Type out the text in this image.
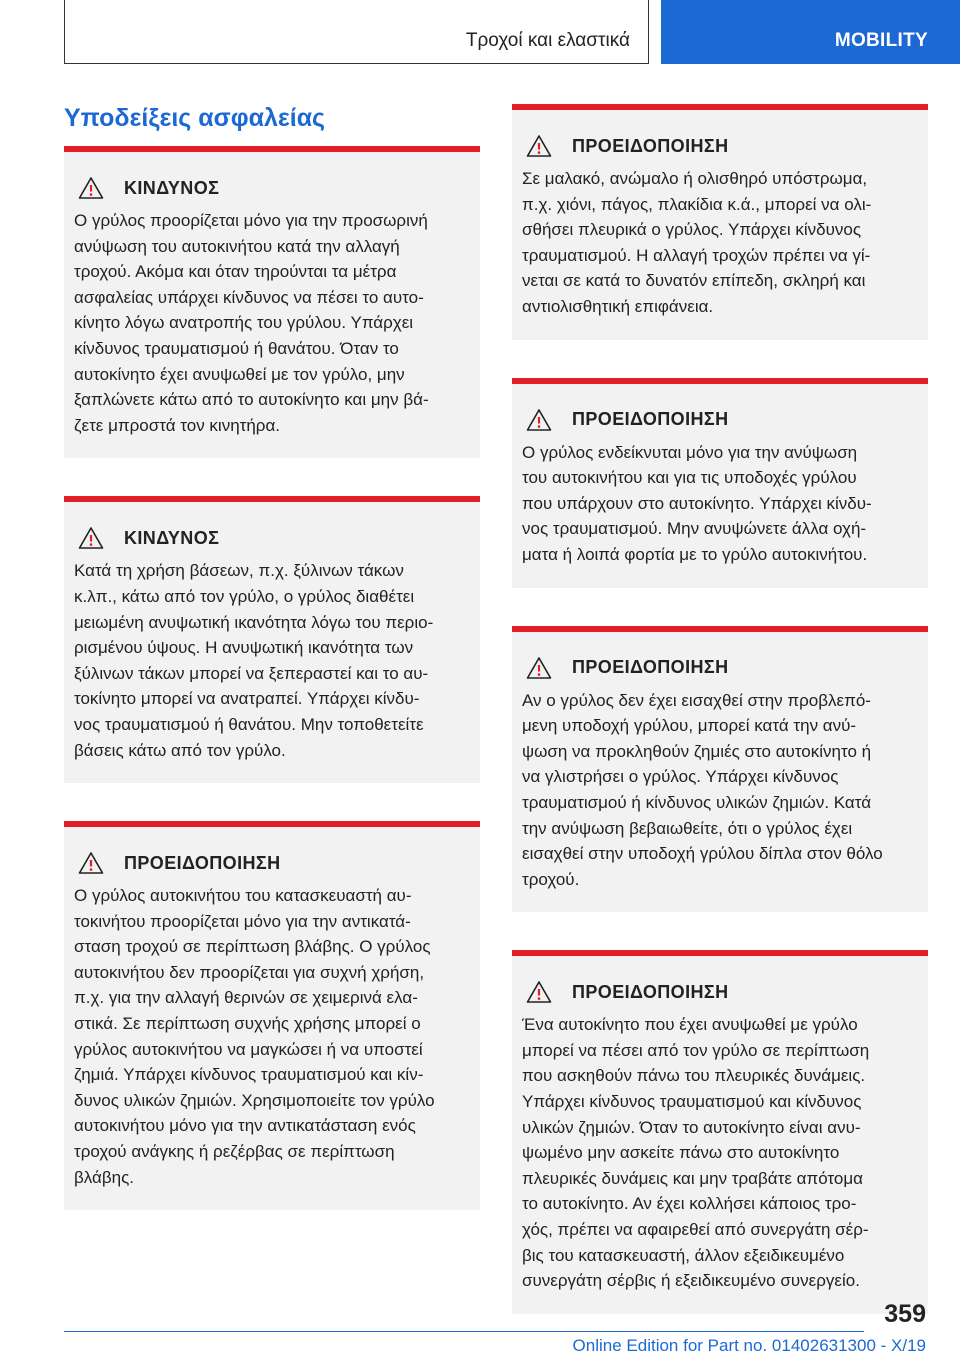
Τροχοί και ελαστικά	MOBILITY
Υποδείξεις ασφαλείας
ΚΙΝΔΥΝΟΣ
Ο γρύλος προορίζεται μόνο για την προσωρινή
ανύψωση του αυτοκινήτου κατά την αλλαγή
τροχού. Ακόμα και όταν τηρούνται τα μέτρα
ασφαλείας υπάρχει κίνδυνος να πέσει το αυτο-
κίνητο λόγω ανατροπής του γρύλου. Υπάρχει
κίνδυνος τραυματισμού ή θανάτου. Όταν το
αυτοκίνητο έχει ανυψωθεί με τον γρύλο, μην
ξαπλώνετε κάτω από το αυτοκίνητο και μην βά-
ζετε μπροστά τον κινητήρα.
ΚΙΝΔΥΝΟΣ
Κατά τη χρήση βάσεων, π.χ. ξύλινων τάκων
κ.λπ., κάτω από τον γρύλο, ο γρύλος διαθέτει
μειωμένη ανυψωτική ικανότητα λόγω του περιο-
ρισμένου ύψους. Η ανυψωτική ικανότητα των
ξύλινων τάκων μπορεί να ξεπεραστεί και το αυ-
τοκίνητο μπορεί να ανατραπεί. Υπάρχει κίνδυ-
νος τραυματισμού ή θανάτου. Μην τοποθετείτε
βάσεις κάτω από τον γρύλο.
ΠΡΟΕΙΔΟΠΟΙΗΣΗ
Ο γρύλος αυτοκινήτου του κατασκευαστή αυ-
τοκινήτου προορίζεται μόνο για την αντικατά-
σταση τροχού σε περίπτωση βλάβης. Ο γρύλος
αυτοκινήτου δεν προορίζεται για συχνή χρήση,
π.χ. για την αλλαγή θερινών σε χειμερινά ελα-
στικά. Σε περίπτωση συχνής χρήσης μπορεί ο
γρύλος αυτοκινήτου να μαγκώσει ή να υποστεί
ζημιά. Υπάρχει κίνδυνος τραυματισμού και κίν-
δυνος υλικών ζημιών. Χρησιμοποιείτε τον γρύλο
αυτοκινήτου μόνο για την αντικατάσταση ενός
τροχού ανάγκης ή ρεζέρβας σε περίπτωση
βλάβης.
ΠΡΟΕΙΔΟΠΟΙΗΣΗ
Σε μαλακό, ανώμαλο ή ολισθηρό υπόστρωμα,
π.χ. χιόνι, πάγος, πλακίδια κ.ά., μπορεί να ολι-
σθήσει πλευρικά ο γρύλος. Υπάρχει κίνδυνος
τραυματισμού. Η αλλαγή τροχών πρέπει να γί-
νεται σε κατά το δυνατόν επίπεδη, σκληρή και
αντιολισθητική επιφάνεια.
ΠΡΟΕΙΔΟΠΟΙΗΣΗ
Ο γρύλος ενδείκνυται μόνο για την ανύψωση
του αυτοκινήτου και για τις υποδοχές γρύλου
που υπάρχουν στο αυτοκίνητο. Υπάρχει κίνδυ-
νος τραυματισμού. Μην ανυψώνετε άλλα οχή-
ματα ή λοιπά φορτία με το γρύλο αυτοκινήτου.
ΠΡΟΕΙΔΟΠΟΙΗΣΗ
Αν ο γρύλος δεν έχει εισαχθεί στην προβλεπό-
μενη υποδοχή γρύλου, μπορεί κατά την ανύ-
ψωση να προκληθούν ζημιές στο αυτοκίνητο ή
να γλιστρήσει ο γρύλος. Υπάρχει κίνδυνος
τραυματισμού ή κίνδυνος υλικών ζημιών. Κατά
την ανύψωση βεβαιωθείτε, ότι ο γρύλος έχει
εισαχθεί στην υποδοχή γρύλου δίπλα στον θόλο
τροχού.
ΠΡΟΕΙΔΟΠΟΙΗΣΗ
Ένα αυτοκίνητο που έχει ανυψωθεί με γρύλο
μπορεί να πέσει από τον γρύλο σε περίπτωση
που ασκηθούν πάνω του πλευρικές δυνάμεις.
Υπάρχει κίνδυνος τραυματισμού και κίνδυνος
υλικών ζημιών. Όταν το αυτοκίνητο είναι ανυ-
ψωμένο μην ασκείτε πάνω στο αυτοκίνητο
πλευρικές δυνάμεις και μην τραβάτε απότομα
το αυτοκίνητο. Αν έχει κολλήσει κάποιος τρο-
χός, πρέπει να αφαιρεθεί από συνεργάτη σέρ-
βις του κατασκευαστή, άλλον εξειδικευμένο
συνεργάτη σέρβις ή εξειδικευμένο συνεργείο.
359
Online Edition for Part no. 01402631300 - X/19
